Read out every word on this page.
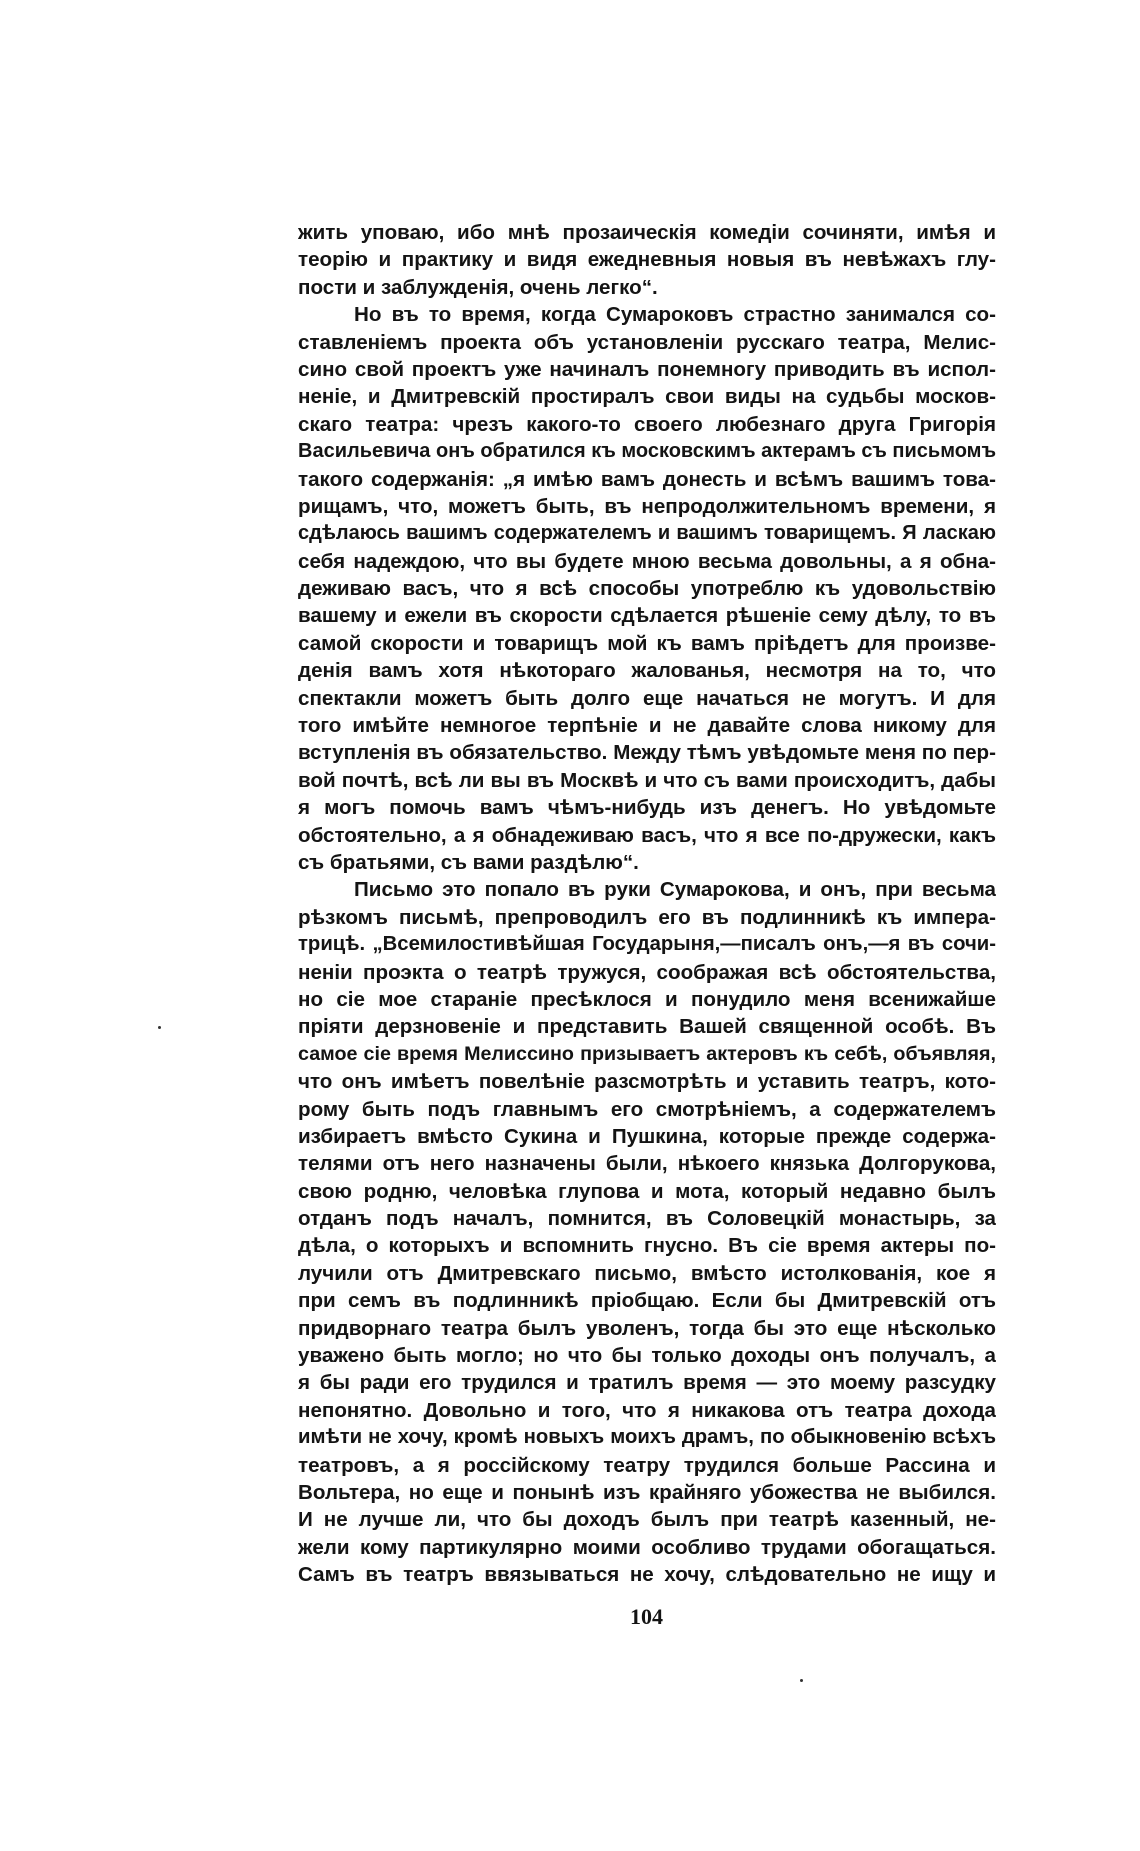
жить уповаю, ибо мнѣ прозаическія комедіи сочиняти, имѣя и
теорію и практику и видя ежедневныя новыя въ невѣжахъ глу-
пости и заблужденія, очень легко“.
Но въ то время, когда Сумароковъ страстно занимался со-
ставленіемъ проекта объ установленіи русскаго театра, Мелис-
сино свой проектъ уже начиналъ понемногу приводить въ испол-
неніе, и Дмитревскій простиралъ свои виды на судьбы москов-
скаго театра: чрезъ какого-то своего любезнаго друга Григорія
Васильевича онъ обратился къ московскимъ актерамъ съ письмомъ
такого содержанія: „я имѣю вамъ донесть и всѣмъ вашимъ това-
рищамъ, что, можетъ быть, въ непродолжительномъ времени, я
сдѣлаюсь вашимъ содержателемъ и вашимъ товарищемъ. Я ласкаю
себя надеждою, что вы будете мною весьма довольны, а я обна-
деживаю васъ, что я всѣ способы употреблю къ удовольствію
вашему и ежели въ скорости сдѣлается рѣшеніе сему дѣлу, то въ
самой скорости и товарищъ мой къ вамъ пріѣдетъ для произве-
денія вамъ хотя нѣкотораго жалованья, несмотря на то, что
спектакли можетъ быть долго еще начаться не могутъ. И для
того имѣйте немногое терпѣніе и не давайте слова никому для
вступленія въ обязательство. Между тѣмъ увѣдомьте меня по пер-
вой почтѣ, всѣ ли вы въ Москвѣ и что съ вами происходитъ, дабы
я могъ помочь вамъ чѣмъ-нибудь изъ денегъ. Но увѣдомьте
обстоятельно, а я обнадеживаю васъ, что я все по-дружески, какъ
съ братьями, съ вами раздѣлю“.
Письмо это попало въ руки Сумарокова, и онъ, при весьма
рѣзкомъ письмѣ, препроводилъ его въ подлинникѣ къ импера-
трицѣ. „Всемилостивѣйшая Государыня,—писалъ онъ,—я въ сочи-
неніи проэкта о театрѣ тружуся, соображая всѣ обстоятельства,
но сіе мое стараніе пресѣклося и понудило меня всенижайше
пріяти дерзновеніе и представить Вашей священной особѣ. Въ
самое сіе время Мелиссино призываетъ актеровъ къ себѣ, объявляя,
что онъ имѣетъ повелѣніе разсмотрѣть и уставить театръ, кото-
рому быть подъ главнымъ его смотрѣніемъ, а содержателемъ
избираетъ вмѣсто Сукина и Пушкина, которые прежде содержа-
телями отъ него назначены были, нѣкоего князька Долгорукова,
свою родню, человѣка глупова и мота, который недавно былъ
отданъ подъ началъ, помнится, въ Соловецкій монастырь, за
дѣла, о которыхъ и вспомнить гнусно. Въ сіе время актеры по-
лучили отъ Дмитревскаго письмо, вмѣсто истолкованія, кое я
при семъ въ подлинникѣ пріобщаю. Если бы Дмитревскій отъ
придворнаго театра былъ уволенъ, тогда бы это еще нѣсколько
уважено быть могло; но что бы только доходы онъ получалъ, а
я бы ради его трудился и тратилъ время — это моему разсудку
непонятно. Довольно и того, что я никакова отъ театра дохода
имѣти не хочу, кромѣ новыхъ моихъ драмъ, по обыкновенію всѣхъ
театровъ, а я россійскому театру трудился больше Рассина и
Вольтера, но еще и понынѣ изъ крайняго убожества не выбился.
И не лучше ли, что бы доходъ былъ при театрѣ казенный, не-
жели кому партикулярно моими особливо трудами обогащаться.
Самъ въ театръ ввязываться не хочу, слѣдовательно не ищу и
104
